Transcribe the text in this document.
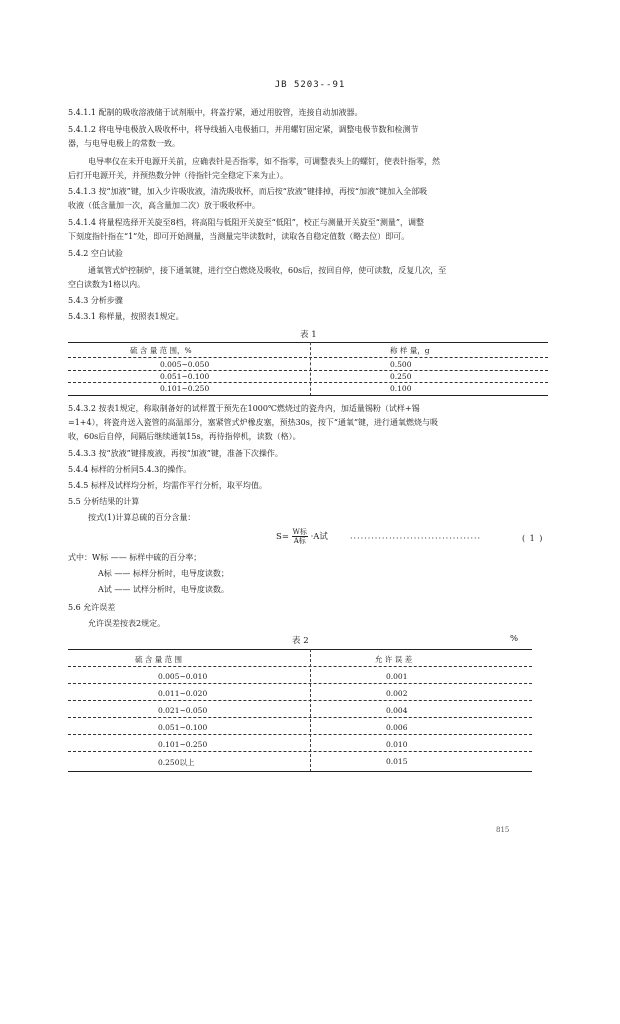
JB 5203--91
5.4.1.1 配制的吸收溶液储于试剂瓶中，将盖拧紧，通过用胶管，连接自动加液器。
5.4.1.2 将电导电极放入吸收杯中，将导线插入电极插口，并用螺钉固定紧，调整电极节数和检测节
器，与电导电极上的常数一致。
电导率仪在未开电源开关前，应确表针是否指零，如不指零，可调整表头上的螺钉，使表针指零，然
后打开电源开关，并预热数分钟（待指针完全稳定下来为止）。
5.4.1.3 按“加液”键，加入少许吸收液，清洗吸收杯，而后按“放液”键排掉，再按“加液”键加入全部吸
收液（低含量加一次，高含量加二次）放于吸收杯中。
5.4.1.4 将量程选择开关旋至8档，将高阻与低阻开关旋至“低阻”，校正与测量开关旋至“测量”，调整
下刻度指针指在“1”处，即可开始测量，当测量完毕读数时，读取各自稳定值数（略去位）即可。
5.4.2 空白试验
通氧管式炉控制炉，接下通氧键，进行空白燃烧及吸收，60s后，按回自停，使可读数，反复几次，至
空白读数为1格以内。
5.4.3 分析步骤
5.4.3.1 称样量，按照表1规定。
表 1
硫 含 量 范 围，%	称 样 量，g
0.005~0.050	0.500
0.051~0.100	0.250
0.101~0.250	0.100
5.4.3.2 按表1规定，称取制备好的试样置于预先在1000℃燃烧过的瓷舟内，加适量锡粉（试样+锡
=1+4），将瓷舟送入瓷管的高温部分，塞紧管式炉橡皮塞，预热30s，按下“通氧”键，进行通氧燃烧与吸
收，60s后自停，间隔后继续通氧15s，再待指停机，读数（格）。
5.4.3.3 按“放液”键排废液，再按“加液”键，准备下次操作。
5.4.4 标样的分析同5.4.3的操作。
5.4.5 标样及试样均分析，均需作平行分析，取平均值。
5.5 分析结果的计算
按式(1)计算总硫的百分含量：
$S= \frac{\text{W标}}{\text{A标}} \cdot A$试	·····································	( 1 )
式中：W标 —— 标样中硫的百分率；
A标 —— 标样分析时，电导度读数；
A试 —— 试样分析时，电导度读数。
5.6 允许误差
允许误差按表2规定。
表 2	%
硫 含 量 范 围	允 许 误 差
0.005~0.010	0.001
0.011~0.020	0.002
0.021~0.050	0.004
0.051~0.100	0.006
0.101~0.250	0.010
0.250以上	0.015
815
